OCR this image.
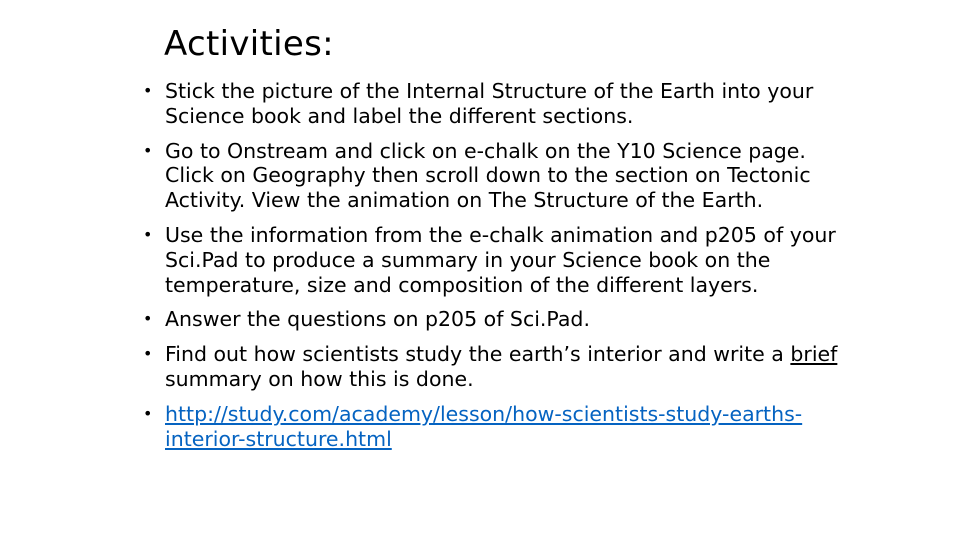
Activities:
• Stick the picture of the Internal Structure of the Earth into your Science book and label the different sections.
• Go to Onstream and click on e-chalk on the Y10 Science page. Click on Geography then scroll down to the section on Tectonic Activity. View the animation on The Structure of the Earth.
• Use the information from the e-chalk animation and p205 of your Sci.Pad to produce a summary in your Science book on the temperature, size and composition of the different layers.
• Answer the questions on p205 of Sci.Pad.
• Find out how scientists study the earth’s interior and write a brief summary on how this is done.
• http://study.com/academy/lesson/how-scientists-study-earths-interior-structure.html
